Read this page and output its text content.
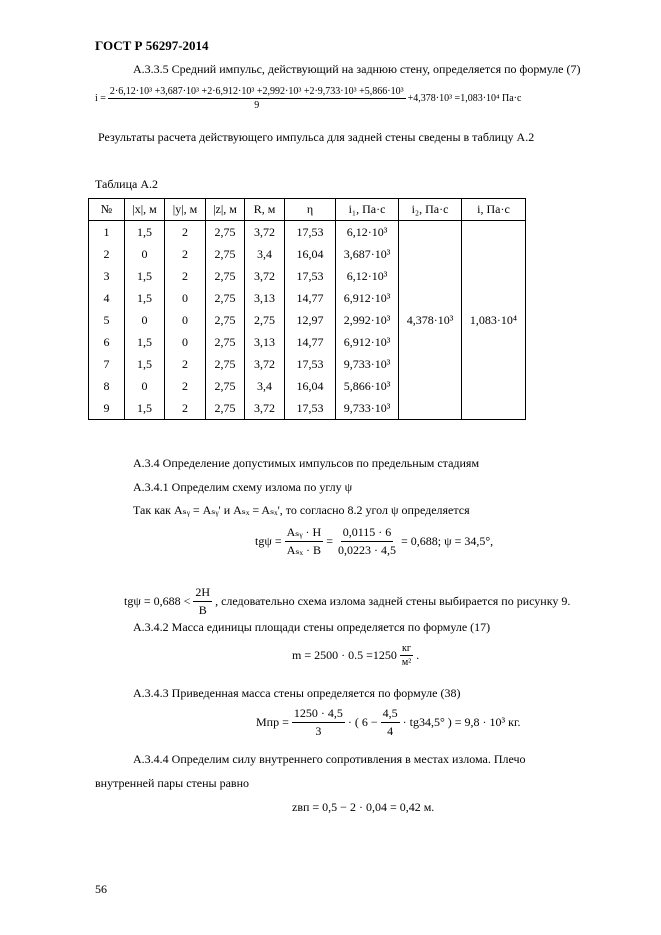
ГОСТ Р 56297-2014
А.3.3.5 Средний импульс, действующий на заднюю стену, определяется по формуле (7)
i =
2·6,12·10³ +3,687·10³ +2·6,912·10³ +2,992·10³ +2·9,733·10³ +5,866·10³
9
+4,378·10³ =1,083·10⁴ Па·с
Результаты расчета действующего импульса для задней стены сведены в таблицу А.2
Таблица А.2
№	|x|, м	|y|, м	|z|, м	R, м	η	i₁, Па·с	i₂, Па·с	i, Па·с
1	1,5	2	2,75	3,72	17,53	6,12·10³	4,378·10³	1,083·10⁴
2	0	2	2,75	3,4	16,04	3,687·10³		
3	1,5	2	2,75	3,72	17,53	6,12·10³		
4	1,5	0	2,75	3,13	14,77	6,912·10³		
5	0	0	2,75	2,75	12,97	2,992·10³		
6	1,5	0	2,75	3,13	14,77	6,912·10³		
7	1,5	2	2,75	3,72	17,53	9,733·10³		
8	0	2	2,75	3,4	16,04	5,866·10³		
9	1,5	2	2,75	3,72	17,53	9,733·10³		
А.3.4 Определение допустимых импульсов по предельным стадиям
А.3.4.1 Определим схему излома по углу ψ
Так как Aₛᵧ = Aₛᵧ' и Aₛₓ = Aₛₓ', то согласно 8.2 угол ψ определяется
$tg\psi = \frac{\text{Aₛᵧ · H}}{\text{Aₛₓ · B}} = \frac{0,0115 \cdot 6}{0,0223 \cdot 4,5} = 0,688$; ψ = 34,5°,
$tg\psi = 0,688 < \frac{2H}{B}$ , следовательно схема излома задней стены выбирается по рисунку 9.
А.3.4.2 Масса единицы площади стены определяется по формуле (17)
$m = 2500 \cdot 0.5 =1250 \frac{кг}{\text{м²}}$ .
А.3.4.3 Приведенная масса стены определяется по формуле (38)
Mпр = $\frac{1250 \cdot 4,5}{3}$ · ( $6 - \frac{4,5}{4} \cdot tg34,5^\circ$ ) = 9,8 · 10³ кг.
А.3.4.4 Определим силу внутреннего сопротивления в местах излома. Плечо
внутренней пары стены равно
zвп = 0,5 − 2 · 0,04 = 0,42 м.
56
